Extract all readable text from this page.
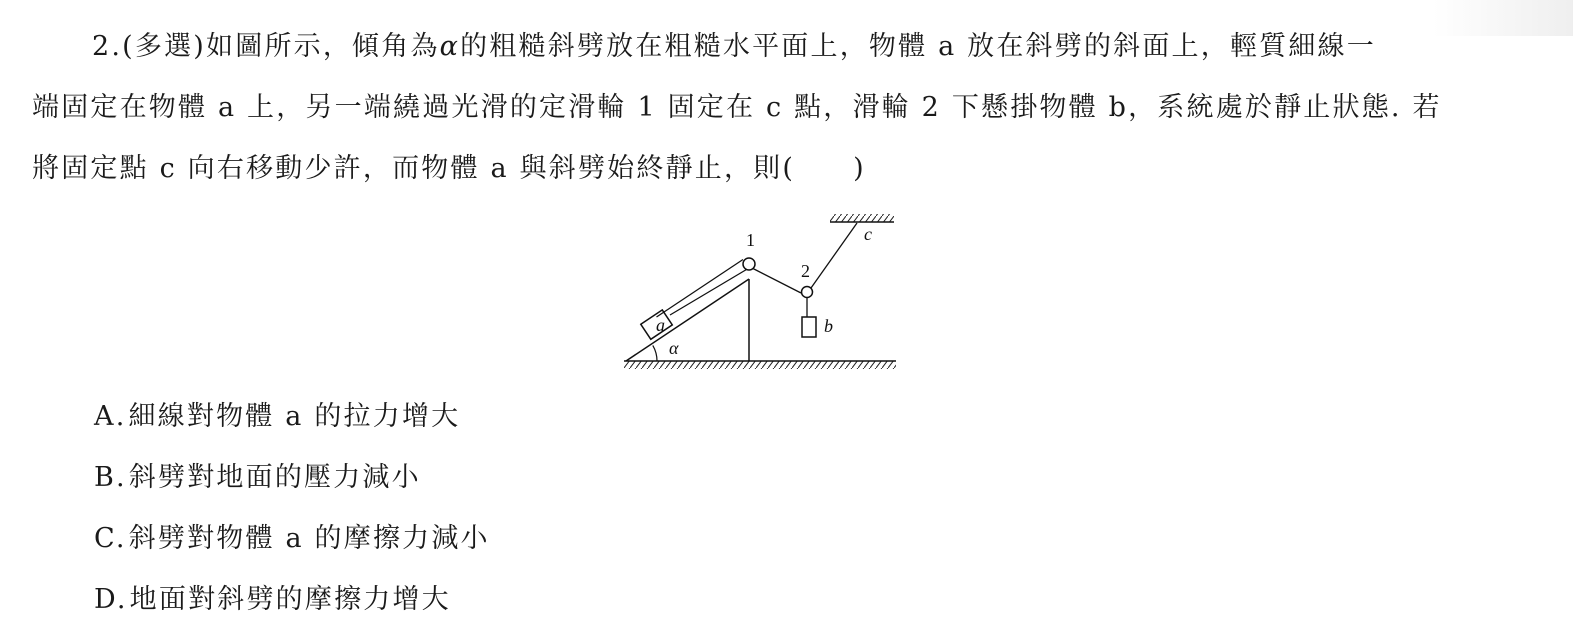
2.(多選)如圖所示，傾角為α的粗糙斜劈放在粗糙水平面上，物體 a 放在斜劈的斜面上，輕質細線一
端固定在物體 a 上，另一端繞過光滑的定滑輪 1 固定在 c 點，滑輪 2 下懸掛物體 b，系統處於靜止狀態. 若
將固定點 c 向右移動少許，而物體 a 與斜劈始終靜止，則( )
1
2
c
a	b
α
A.細線對物體 a 的拉力增大
B.斜劈對地面的壓力減小
C.斜劈對物體 a 的摩擦力減小
D.地面對斜劈的摩擦力增大
